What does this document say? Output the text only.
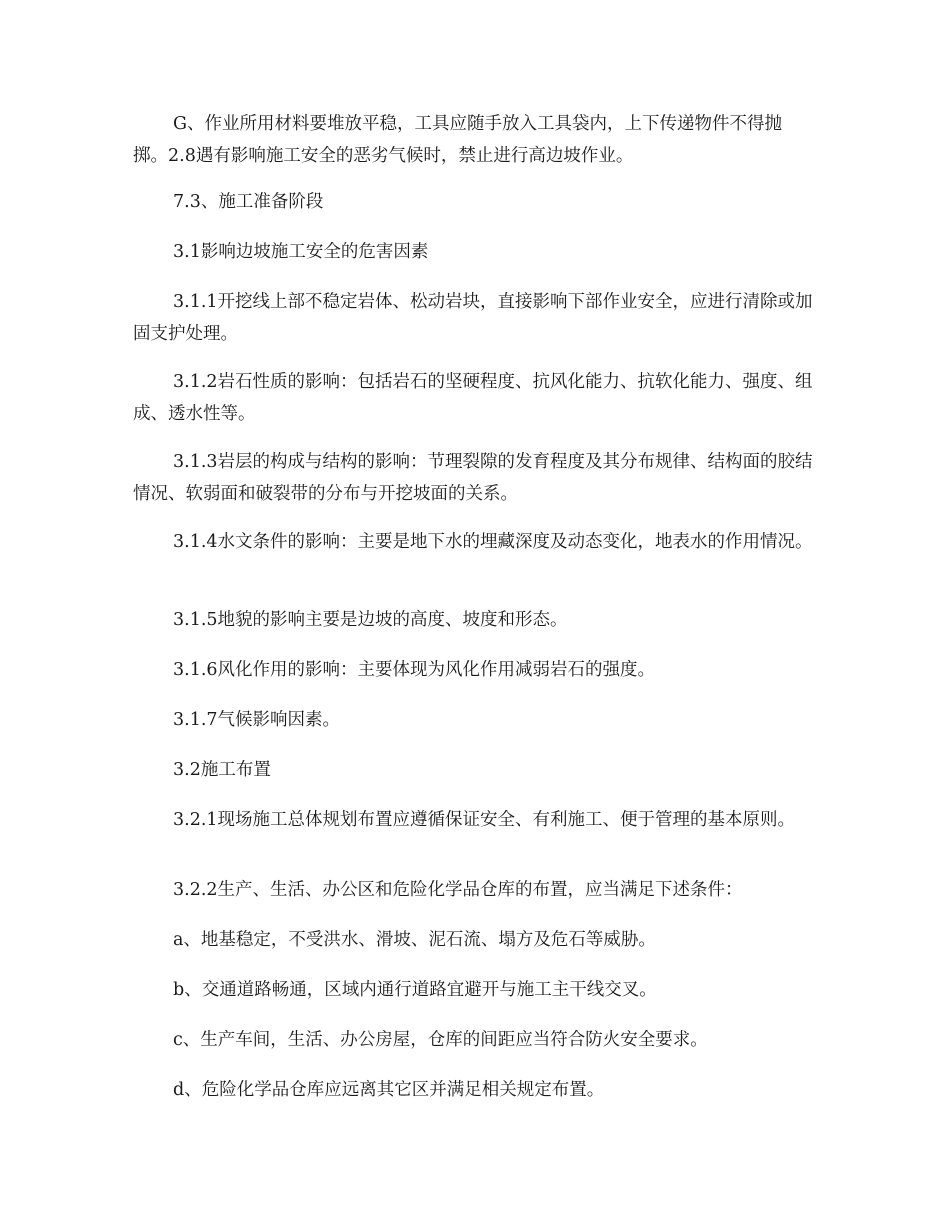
G、作业所用材料要堆放平稳，工具应随手放入工具袋内，上下传递物件不得抛掷。2.8遇有影响施工安全的恶劣气候时，禁止进行高边坡作业。

7.3、施工准备阶段

3.1影响边坡施工安全的危害因素

3.1.1开挖线上部不稳定岩体、松动岩块，直接影响下部作业安全，应进行清除或加固支护处理。

3.1.2岩石性质的影响：包括岩石的坚硬程度、抗风化能力、抗软化能力、强度、组成、透水性等。

3.1.3岩层的构成与结构的影响：节理裂隙的发育程度及其分布规律、结构面的胶结情况、软弱面和破裂带的分布与开挖坡面的关系。

3.1.4水文条件的影响：主要是地下水的埋藏深度及动态变化，地表水的作用情况。

3.1.5地貌的影响主要是边坡的高度、坡度和形态。

3.1.6风化作用的影响：主要体现为风化作用减弱岩石的强度。

3.1.7气候影响因素。

3.2施工布置

3.2.1现场施工总体规划布置应遵循保证安全、有利施工、便于管理的基本原则。

3.2.2生产、生活、办公区和危险化学品仓库的布置，应当满足下述条件：

a、地基稳定，不受洪水、滑坡、泥石流、塌方及危石等威胁。

b、交通道路畅通，区域内通行道路宜避开与施工主干线交叉。

c、生产车间，生活、办公房屋，仓库的间距应当符合防火安全要求。

d、危险化学品仓库应远离其它区并满足相关规定布置。
